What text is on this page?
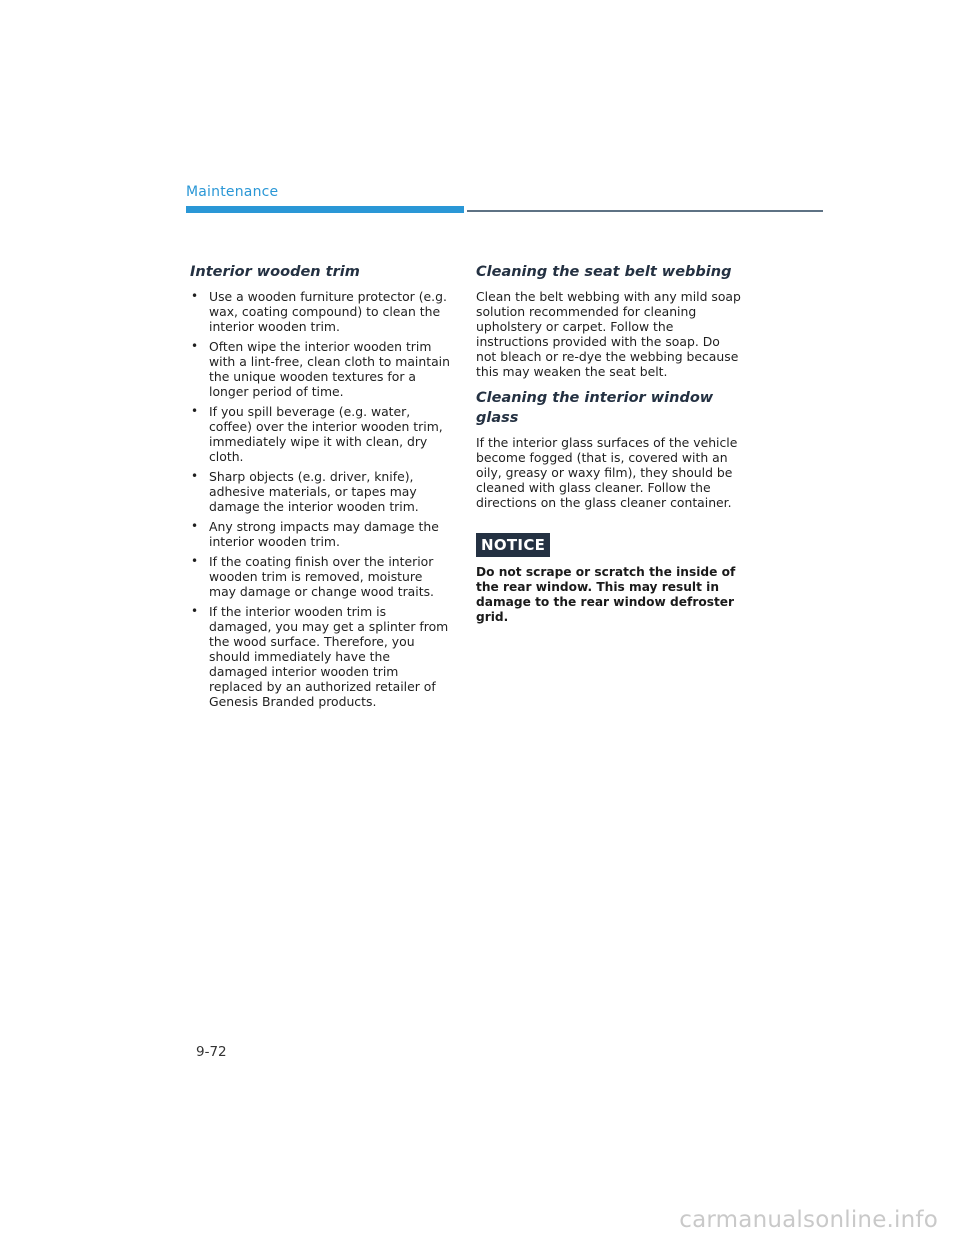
Maintenance
Interior wooden trim
• Use a wooden furniture protector (e.g. wax, coating compound) to clean the interior wooden trim.
• Often wipe the interior wooden trim with a lint-free, clean cloth to maintain the unique wooden textures for a longer period of time.
• If you spill beverage (e.g. water, coffee) over the interior wooden trim, immediately wipe it with clean, dry cloth.
• Sharp objects (e.g. driver, knife), adhesive materials, or tapes may damage the interior wooden trim.
• Any strong impacts may damage the interior wooden trim.
• If the coating finish over the interior wooden trim is removed, moisture may damage or change wood traits.
• If the interior wooden trim is damaged, you may get a splinter from the wood surface. Therefore, you should immediately have the damaged interior wooden trim replaced by an authorized retailer of Genesis Branded products.
Cleaning the seat belt webbing

Clean the belt webbing with any mild soap solution recommended for cleaning upholstery or carpet. Follow the instructions provided with the soap. Do not bleach or re-dye the webbing because this may weaken the seat belt.

Cleaning the interior window glass

If the interior glass surfaces of the vehicle become fogged (that is, covered with an oily, greasy or waxy film), they should be cleaned with glass cleaner. Follow the directions on the glass cleaner container.

NOTICE
Do not scrape or scratch the inside of the rear window. This may result in damage to the rear window defroster grid.
9-72
carmanualsonline.info
